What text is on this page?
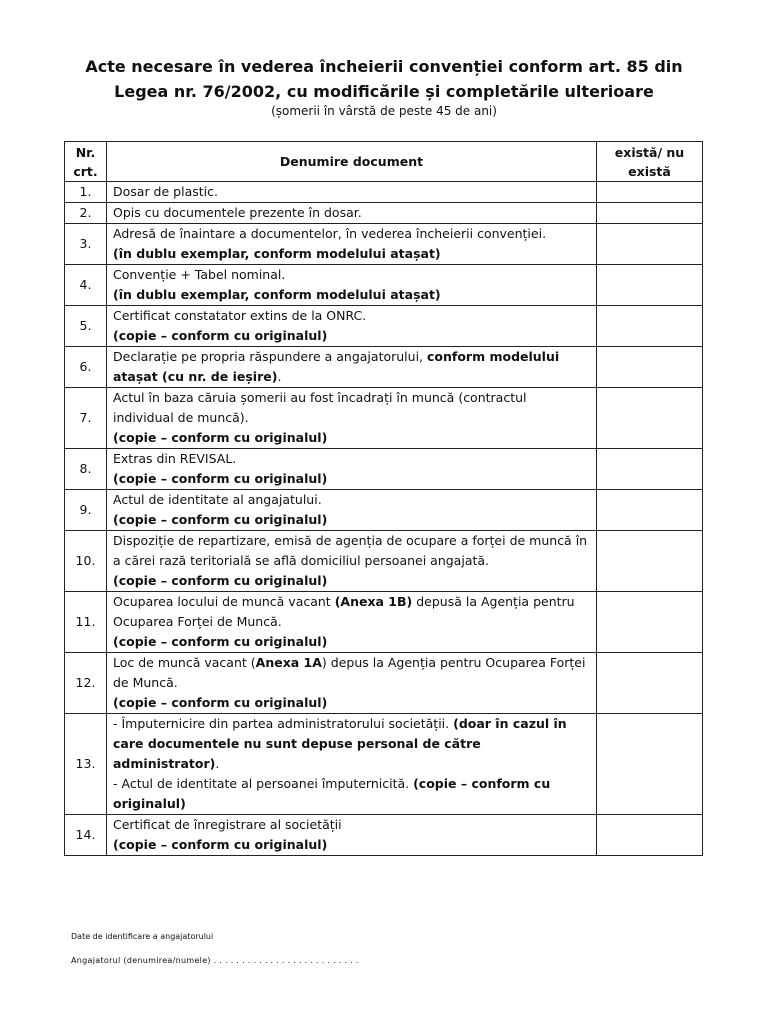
Acte necesare în vederea încheierii convenției conform art. 85 din
Legea nr. 76/2002, cu modificările și completările ulterioare
(șomerii în vârstă de peste 45 de ani)
Nr. crt.	Denumire document	există/ nu există
1.	Dosar de plastic.	
2.	Opis cu documentele prezente în dosar.	
3.	Adresă de înaintare a documentelor, în vederea încheierii convenției.
(în dublu exemplar, conform modelului atașat)	
4.	Convenție + Tabel nominal.
(în dublu exemplar, conform modelului atașat)	
5.	Certificat constatator extins de la ONRC.
(copie – conform cu originalul)	
6.	Declarație pe propria răspundere a angajatorului, conform modelului atașat (cu nr. de ieșire).	
7.	Actul în baza căruia șomerii au fost încadrați în muncă (contractul individual de muncă).
(copie – conform cu originalul)	
8.	Extras din REVISAL.
(copie – conform cu originalul)	
9.	Actul de identitate al angajatului.
(copie – conform cu originalul)	
10.	Dispoziție de repartizare, emisă de agenția de ocupare a forței de muncă în a cărei rază teritorială se află domiciliul persoanei angajată.
(copie – conform cu originalul)	
11.	Ocuparea locului de muncă vacant (Anexa 1B) depusă la Agenția pentru Ocuparea Forței de Muncă.
(copie – conform cu originalul)	
12.	Loc de muncă vacant (Anexa 1A) depus la Agenția pentru Ocuparea Forței de Muncă.
(copie – conform cu originalul)	
13.	- Împuternicire din partea administratorului societății. (doar în cazul în care documentele nu sunt depuse personal de către administrator).
- Actul de identitate al persoanei împuternicită. (copie – conform cu originalul)	
14.	Certificat de înregistrare al societății
(copie – conform cu originalul)	
Date de identificare a angajatorului
Angajatorul (denumirea/numele) . . . . . . . . . . . . . . . . . . . . . . . . . .
